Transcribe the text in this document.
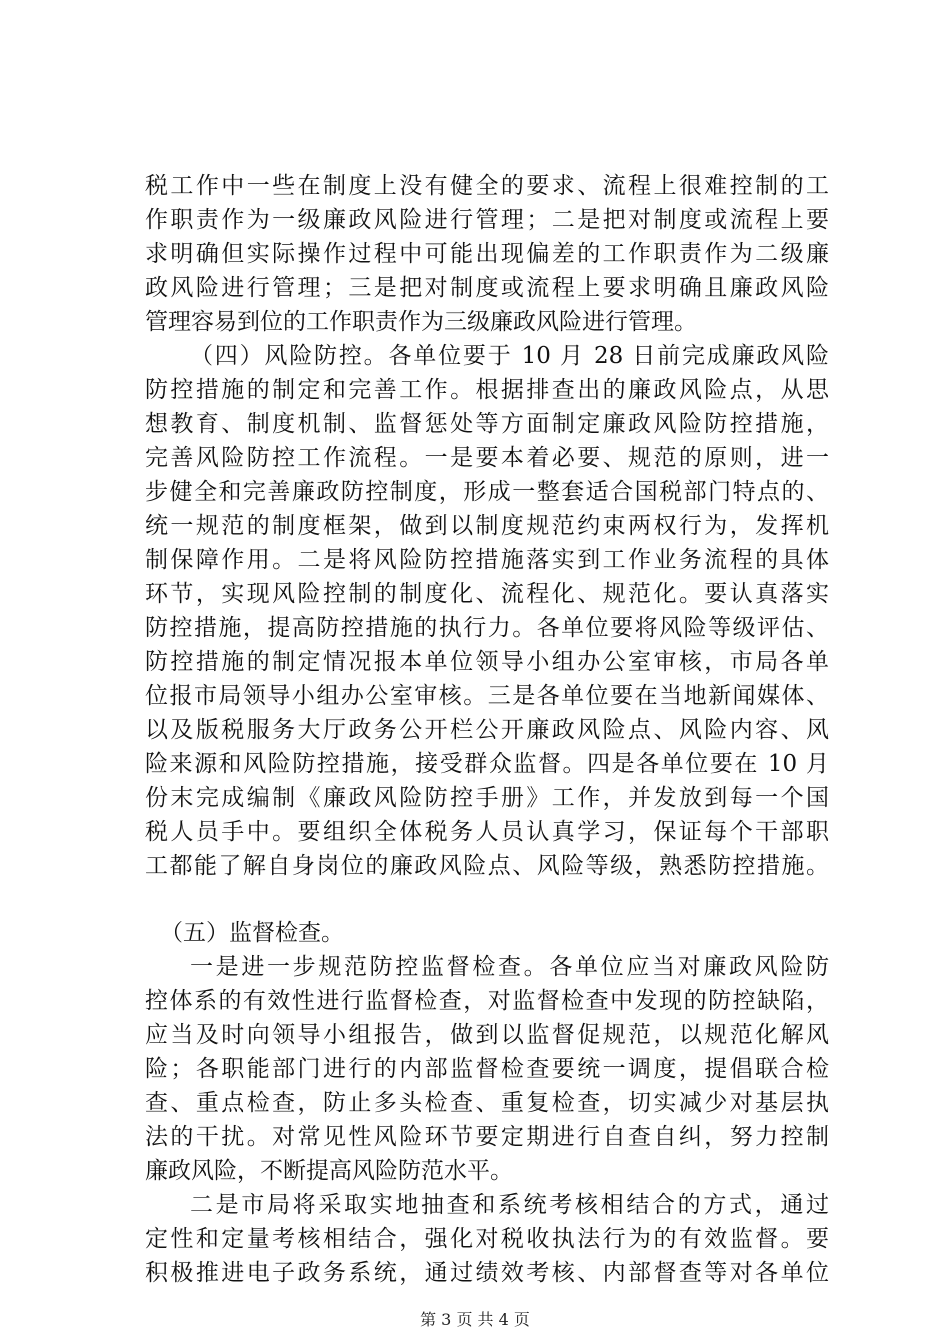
税工作中一些在制度上没有健全的要求、流程上很难控制的工
作职责作为一级廉政风险进行管理；二是把对制度或流程上要
求明确但实际操作过程中可能出现偏差的工作职责作为二级廉
政风险进行管理；三是把对制度或流程上要求明确且廉政风险
管理容易到位的工作职责作为三级廉政风险进行管理。
（四）风险防控。各单位要于 10 月 28 日前完成廉政风险
防控措施的制定和完善工作。根据排查出的廉政风险点，从思
想教育、制度机制、监督惩处等方面制定廉政风险防控措施，
完善风险防控工作流程。一是要本着必要、规范的原则，进一
步健全和完善廉政防控制度，形成一整套适合国税部门特点的、
统一规范的制度框架，做到以制度规范约束两权行为，发挥机
制保障作用。二是将风险防控措施落实到工作业务流程的具体
环节，实现风险控制的制度化、流程化、规范化。要认真落实
防控措施，提高防控措施的执行力。各单位要将风险等级评估、
防控措施的制定情况报本单位领导小组办公室审核，市局各单
位报市局领导小组办公室审核。三是各单位要在当地新闻媒体、
以及版税服务大厅政务公开栏公开廉政风险点、风险内容、风
险来源和风险防控措施，接受群众监督。四是各单位要在 10 月
份末完成编制《廉政风险防控手册》工作，并发放到每一个国
税人员手中。要组织全体税务人员认真学习，保证每个干部职
工都能了解自身岗位的廉政风险点、风险等级，熟悉防控措施。
（五）监督检查。
一是进一步规范防控监督检查。各单位应当对廉政风险防
控体系的有效性进行监督检查，对监督检查中发现的防控缺陷，
应当及时向领导小组报告，做到以监督促规范，以规范化解风
险；各职能部门进行的内部监督检查要统一调度，提倡联合检
查、重点检查，防止多头检查、重复检查，切实减少对基层执
法的干扰。对常见性风险环节要定期进行自查自纠，努力控制
廉政风险，不断提高风险防范水平。
二是市局将采取实地抽查和系统考核相结合的方式，通过
定性和定量考核相结合，强化对税收执法行为的有效监督。要
积极推进电子政务系统，通过绩效考核、内部督查等对各单位
第 3 页 共 4 页
